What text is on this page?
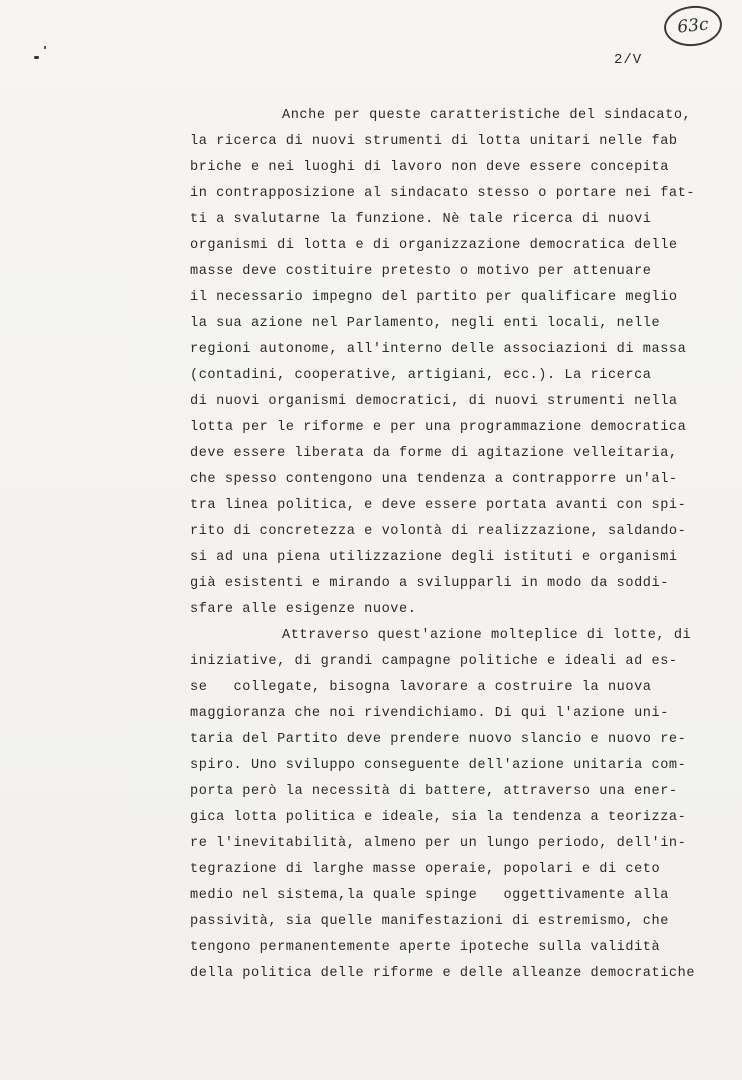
63c
2/V
Anche per queste caratteristiche del sindacato,
la ricerca di nuovi strumenti di lotta unitari nelle fab
briche e nei luoghi di lavoro non deve essere concepita
in contrapposizione al sindacato stesso o portare nei fat-
ti a svalutarne la funzione. Nè tale ricerca di nuovi
organismi di lotta e di organizzazione democratica delle
masse deve costituire pretesto o motivo per attenuare
il necessario impegno del partito per qualificare meglio
la sua azione nel Parlamento, negli enti locali, nelle
regioni autonome, all'interno delle associazioni di massa
(contadini, cooperative, artigiani, ecc.). La ricerca
di nuovi organismi democratici, di nuovi strumenti nella
lotta per le riforme e per una programmazione democratica
deve essere liberata da forme di agitazione velleitaria,
che spesso contengono una tendenza a contrapporre un'al-
tra linea politica, e deve essere portata avanti con spi-
rito di concretezza e volontà di realizzazione, saldando-
si ad una piena utilizzazione degli istituti e organismi
già esistenti e mirando a svilupparli in modo da soddi-
sfare alle esigenze nuove.
Attraverso quest'azione molteplice di lotte, di
iniziative, di grandi campagne politiche e ideali ad es-
se   collegate, bisogna lavorare a costruire la nuova
maggioranza che noi rivendichiamo. Di qui l'azione uni-
taria del Partito deve prendere nuovo slancio e nuovo re-
spiro. Uno sviluppo conseguente dell'azione unitaria com-
porta però la necessità di battere, attraverso una ener-
gica lotta politica e ideale, sia la tendenza a teorizza-
re l'inevitabilità, almeno per un lungo periodo, dell'in-
tegrazione di larghe masse operaie, popolari e di ceto
medio nel sistema,la quale spinge   oggettivamente alla
passività, sia quelle manifestazioni di estremismo, che
tengono permanentemente aperte ipoteche sulla validità
della politica delle riforme e delle alleanze democratiche
